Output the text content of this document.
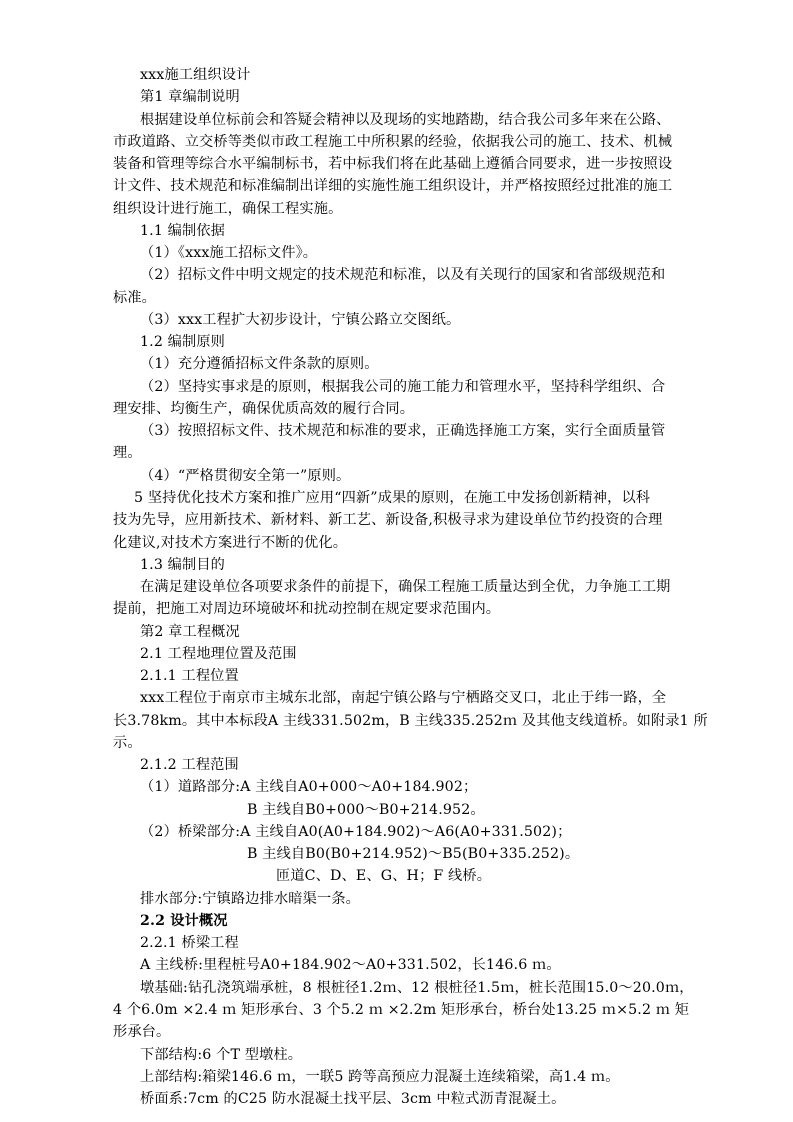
xxx施工组织设计
第1 章编制说明
根据建设单位标前会和答疑会精神以及现场的实地踏勘，结合我公司多年来在公路、
市政道路、立交桥等类似市政工程施工中所积累的经验，依据我公司的施工、技术、机械
装备和管理等综合水平编制标书，若中标我们将在此基础上遵循合同要求，进一步按照设
计文件、技术规范和标准编制出详细的实施性施工组织设计，并严格按照经过批准的施工
组织设计进行施工，确保工程实施。
1.1 编制依据
（1）《xxx施工招标文件》。
（2）招标文件中明文规定的技术规范和标准，以及有关现行的国家和省部级规范和
标准。
（3）xxx工程扩大初步设计，宁镇公路立交图纸。
1.2 编制原则
（1）充分遵循招标文件条款的原则。
（2）坚持实事求是的原则，根据我公司的施工能力和管理水平，坚持科学组织、合
理安排、均衡生产，确保优质高效的履行合同。
（3）按照招标文件、技术规范和标准的要求，正确选择施工方案，实行全面质量管
理。
（4）“严格贯彻安全第一”原则。
5 坚持优化技术方案和推广应用“四新”成果的原则，在施工中发扬创新精神，以科
技为先导，应用新技术、新材料、新工艺、新设备,积极寻求为建设单位节约投资的合理
化建议,对技术方案进行不断的优化。
1.3 编制目的
在满足建设单位各项要求条件的前提下，确保工程施工质量达到全优，力争施工工期
提前，把施工对周边环境破坏和扰动控制在规定要求范围内。
第2 章工程概况
2.1 工程地理位置及范围
2.1.1 工程位置
xxx工程位于南京市主城东北部，南起宁镇公路与宁栖路交叉口，北止于纬一路，全
长3.78km。其中本标段A 主线331.502m，B 主线335.252ｍ 及其他支线道桥。如附录1 所
示。
2.1.2 工程范围
（1）道路部分:A 主线自A0+000～A0+184.902；
B 主线自B0+000～B0+214.952。
（2）桥梁部分:A 主线自A0(A0+184.902)～A6(A0+331.502)；
B 主线自B0(B0+214.952)～B5(B0+335.252)。
匝道C、D、E、G、H；F 线桥。
排水部分:宁镇路边排水暗渠一条。
2.2 设计概况
2.2.1 桥梁工程
A 主线桥:里程桩号A0+184.902～A0+331.502，长146.6 ｍ。
墩基础:钻孔浇筑端承桩，8 根桩径1.2ｍ、12 根桩径1.5ｍ，桩长范围15.0～20.0ｍ，
4 个6.0m ×2.4 ｍ 矩形承台、3 个5.2 ｍ ×2.2m 矩形承台，桥台处13.25 ｍ×5.2 ｍ 矩
形承台。
下部结构:6 个T 型墩柱。
上部结构:箱梁146.6 ｍ，一联5 跨等高预应力混凝土连续箱梁，高1.4 ｍ。
桥面系:7cm 的C25 防水混凝土找平层、3cm 中粒式沥青混凝土。
